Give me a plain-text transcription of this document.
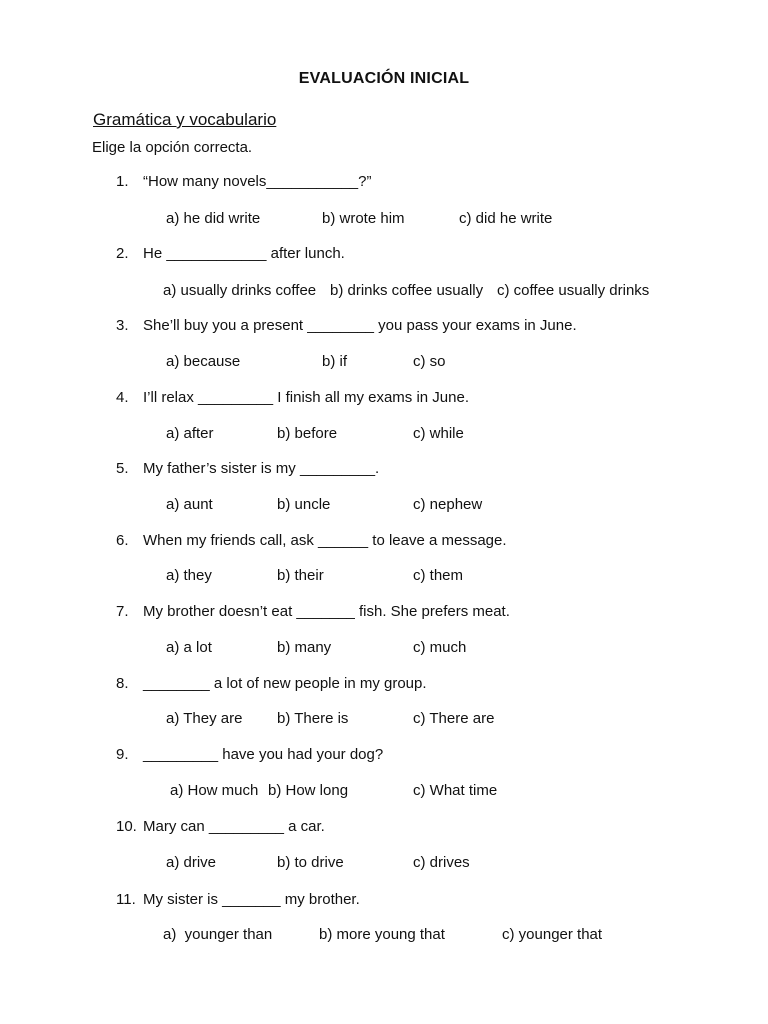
EVALUACIÓN INICIAL
Gramática y vocabulario
Elige la opción correcta.
1. “How many novels___________?”
a) he did write	b) wrote him	c) did he write
2. He ____________ after lunch.
a) usually drinks coffee b) drinks coffee usually c) coffee usually drinks
3. She’ll buy you a present ________ you pass your exams in June.
a) because	b) if	c) so
4. I’ll relax _________ I finish all my exams in June.
a) after	b) before	c) while
5. My father’s sister is my _________.
a) aunt	b) uncle	c) nephew
6. When my friends call, ask ______ to leave a message.
a) they	b) their	c) them
7. My brother doesn’t eat _______ fish. She prefers meat.
a) a lot	b) many	c) much
8. ________ a lot of new people in my group.
a) They are b) There is	c) There are
9. _________ have you had your dog?
a) How much b) How long	c) What time
10. Mary can _________ a car.
a) drive	b) to drive	c) drives
11. My sister is _______ my brother.
a)  younger than	b) more young that	c) younger that
